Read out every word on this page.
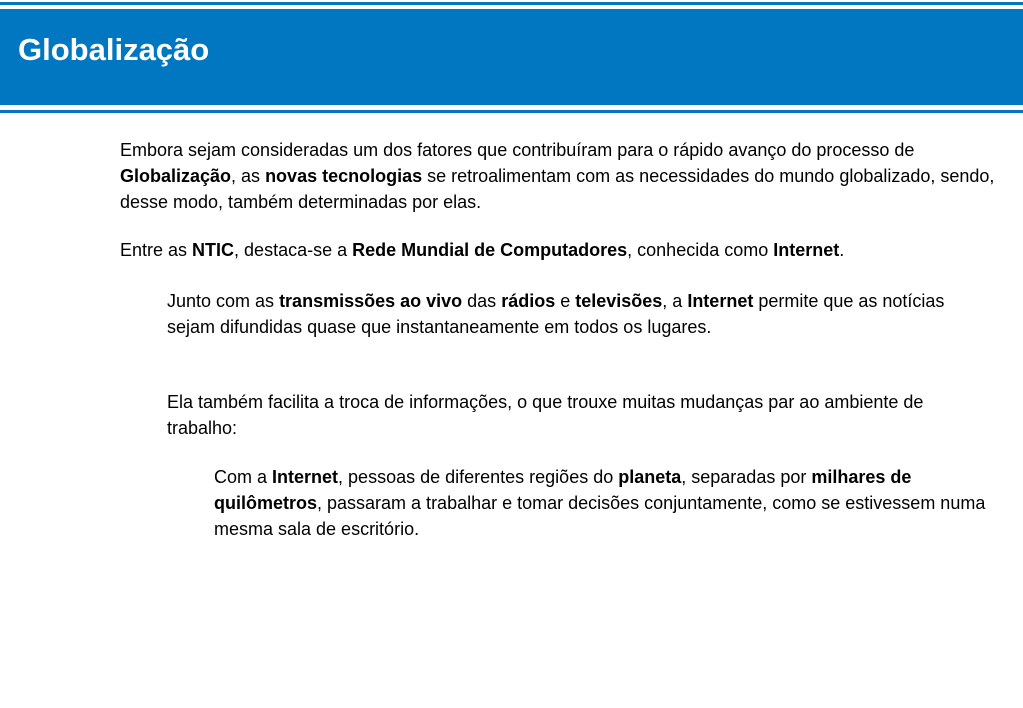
Globalização

Embora sejam consideradas um dos fatores que contribuíram para o rápido avanço do processo de Globalização, as novas tecnologias se retroalimentam com as necessidades do mundo globalizado, sendo, desse modo, também determinadas por elas.

Entre as NTIC, destaca-se a Rede Mundial de Computadores, conhecida como Internet.

Junto com as transmissões ao vivo das rádios e televisões, a Internet permite que as notícias sejam difundidas quase que instantaneamente em todos os lugares.

Ela também facilita a troca de informações, o que trouxe muitas mudanças par ao ambiente de trabalho:

Com a Internet, pessoas de diferentes regiões do planeta, separadas por milhares de quilômetros, passaram a trabalhar e tomar decisões conjuntamente, como se estivessem numa mesma sala de escritório.
